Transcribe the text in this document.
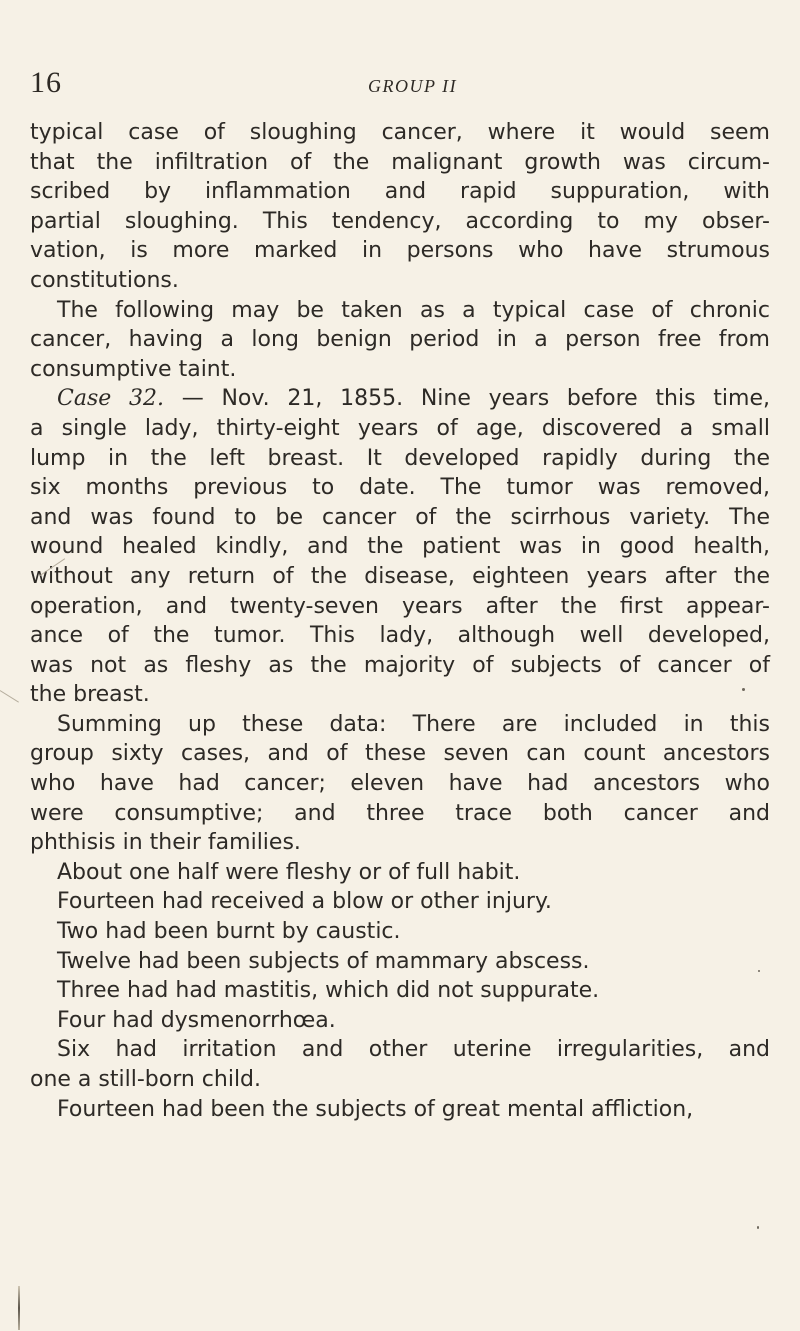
16	GROUP II
typical case of sloughing cancer, where it would seem
that the infiltration of the malignant growth was circum-
scribed by inflammation and rapid suppuration, with
partial sloughing. This tendency, according to my obser-
vation, is more marked in persons who have strumous
constitutions.
The following may be taken as a typical case of chronic
cancer, having a long benign period in a person free from
consumptive taint.
Case 32. — Nov. 21, 1855. Nine years before this time,
a single lady, thirty-eight years of age, discovered a small
lump in the left breast. It developed rapidly during the
six months previous to date. The tumor was removed,
and was found to be cancer of the scirrhous variety. The
wound healed kindly, and the patient was in good health,
without any return of the disease, eighteen years after the
operation, and twenty-seven years after the first appear-
ance of the tumor. This lady, although well developed,
was not as fleshy as the majority of subjects of cancer of
the breast.
Summing up these data: There are included in this
group sixty cases, and of these seven can count ancestors
who have had cancer; eleven have had ancestors who
were consumptive; and three trace both cancer and
phthisis in their families.
About one half were fleshy or of full habit.
Fourteen had received a blow or other injury.
Two had been burnt by caustic.
Twelve had been subjects of mammary abscess.
Three had had mastitis, which did not suppurate.
Four had dysmenorrhœa.
Six had irritation and other uterine irregularities, and
one a still-born child.
Fourteen had been the subjects of great mental affliction,
